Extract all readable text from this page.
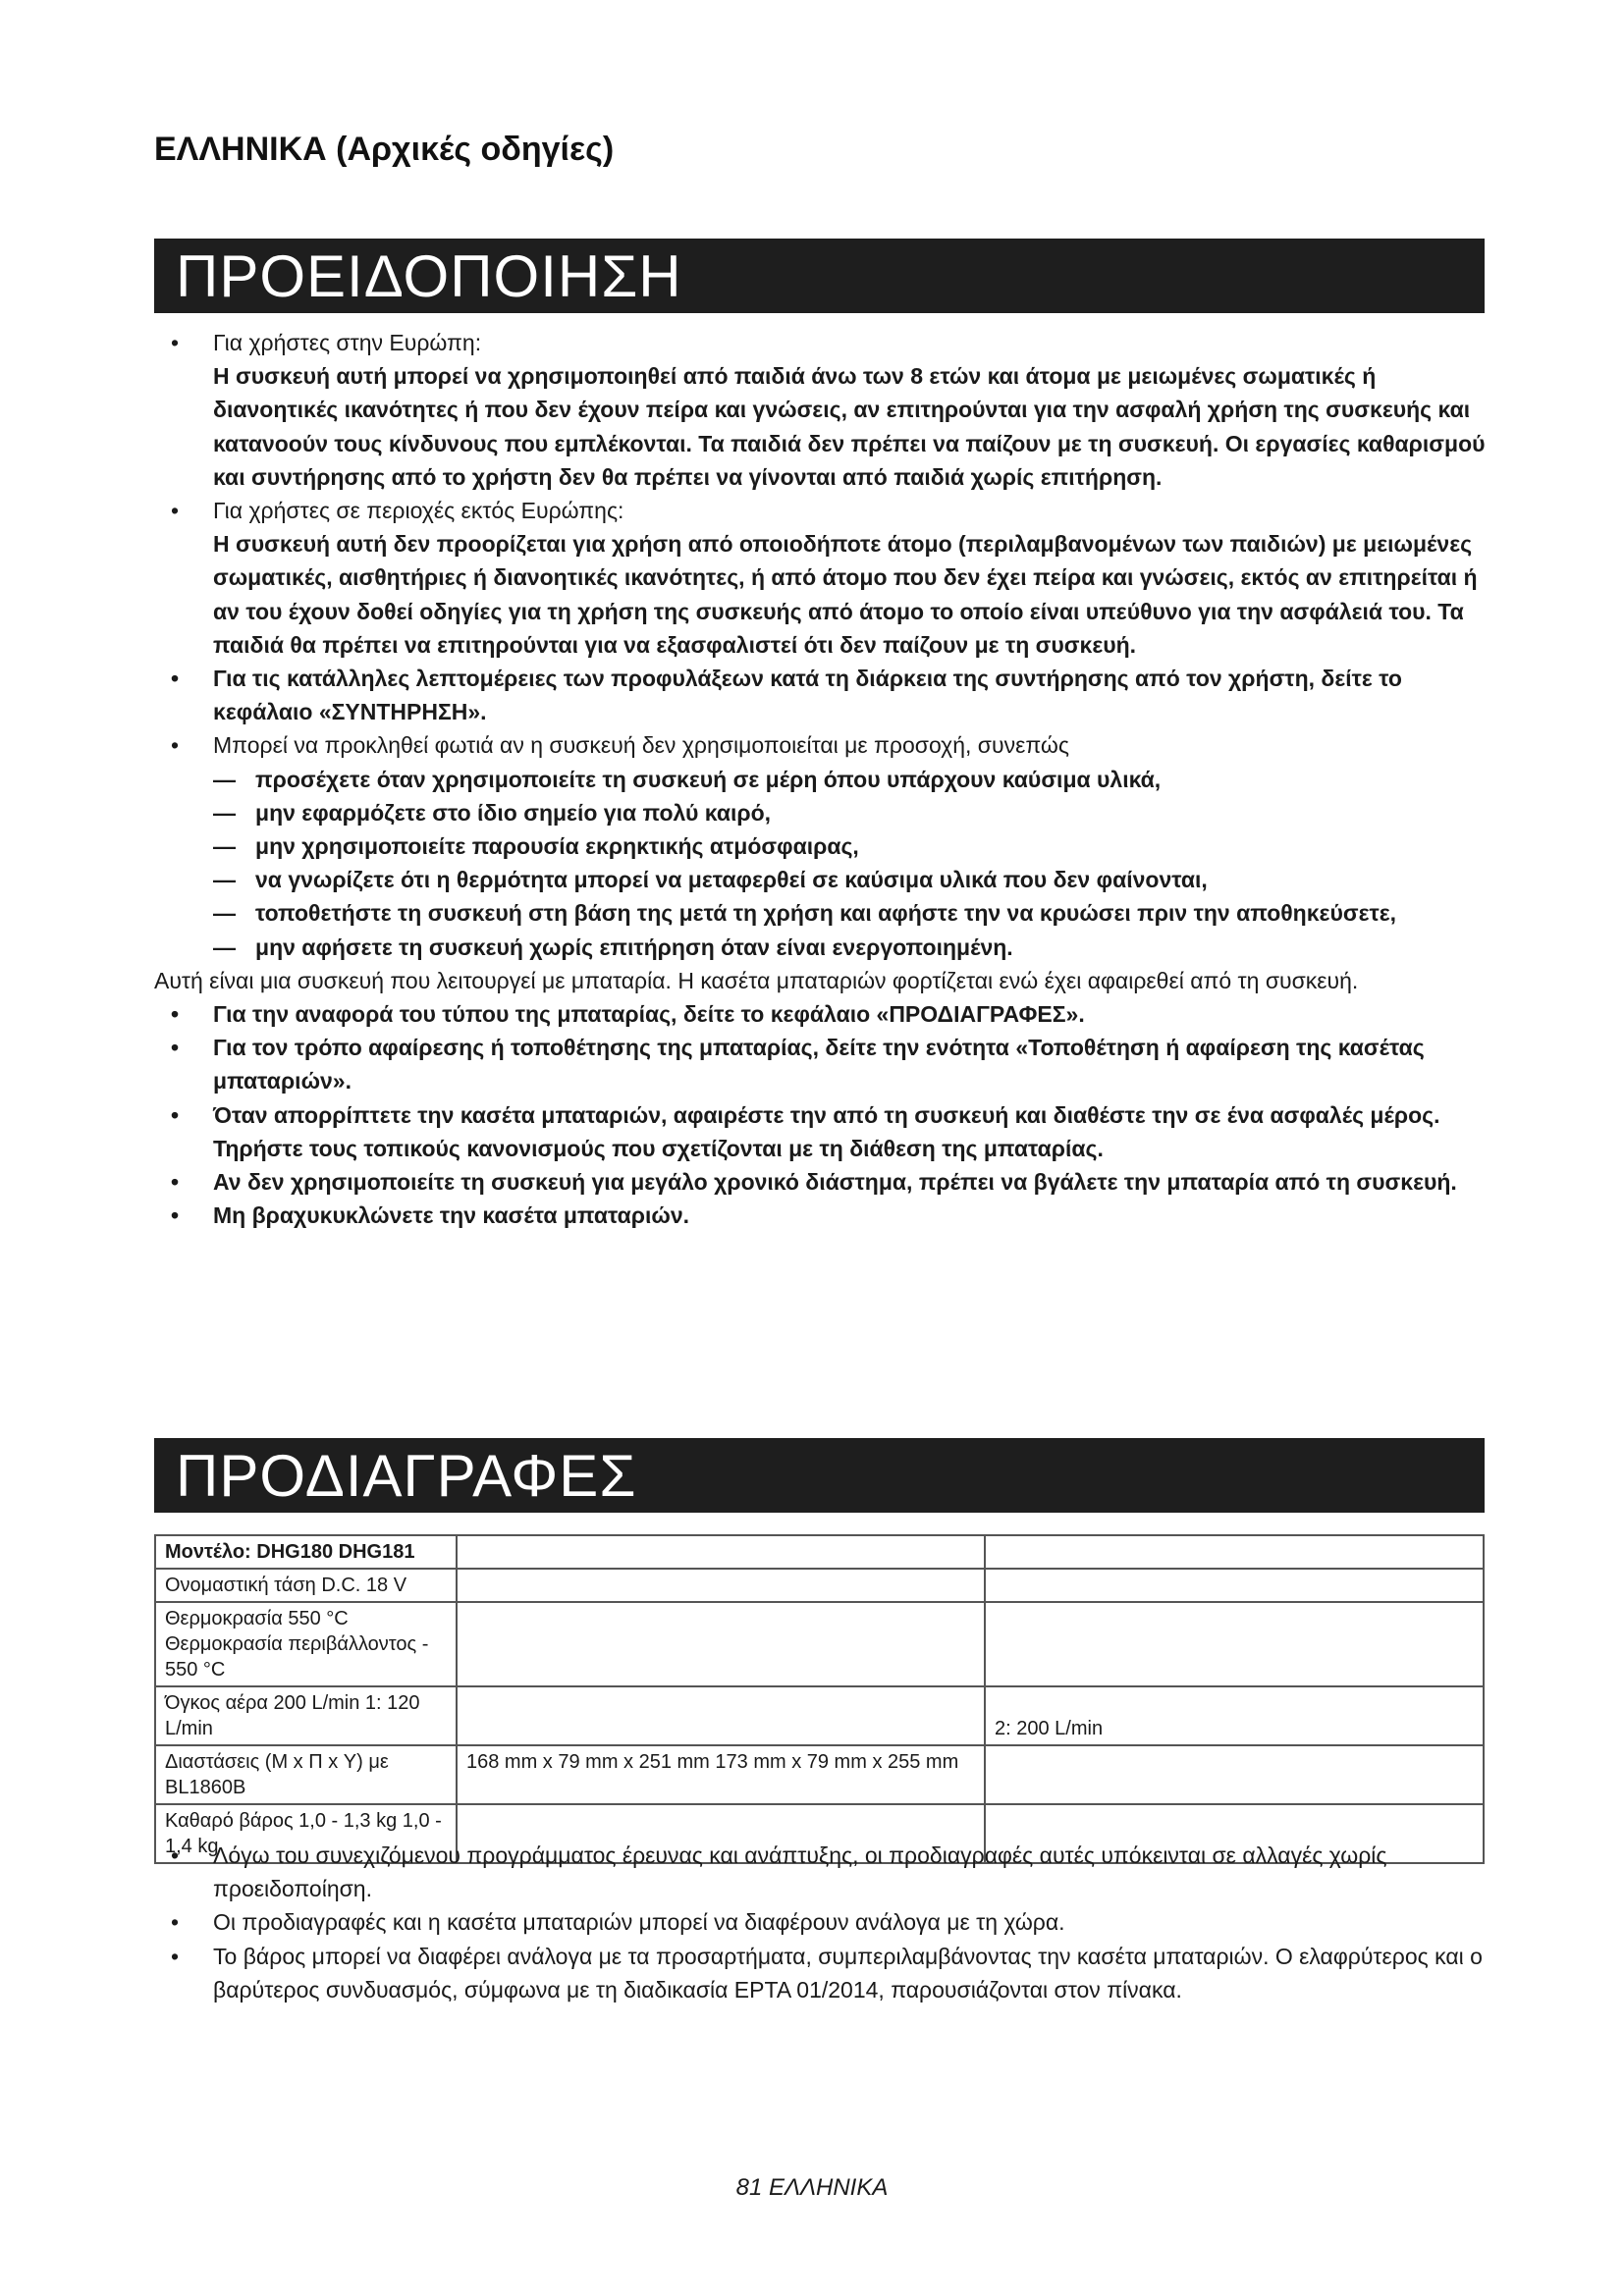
ΕΛΛΗΝΙΚΑ (Αρχικές οδηγίες)
ΠΡΟΕΙΔΟΠΟΙΗΣΗ
• Για χρήστες στην Ευρώπη:
Η συσκευή αυτή μπορεί να χρησιμοποιηθεί από παιδιά άνω των 8 ετών και άτομα με μειωμένες σωματικές ή διανοητικές ικανότητες ή που δεν έχουν πείρα και γνώσεις, αν επιτηρούνται για την ασφαλή χρήση της συσκευής και κατανοούν τους κίνδυνους που εμπλέκονται. Τα παιδιά δεν πρέπει να παίζουν με τη συσκευή. Οι εργασίες καθαρισμού και συντήρησης από το χρήστη δεν θα πρέπει να γίνονται από παιδιά χωρίς επιτήρηση.
• Για χρήστες σε περιοχές εκτός Ευρώπης:
Η συσκευή αυτή δεν προορίζεται για χρήση από οποιοδήποτε άτομο (περιλαμβανομένων των παιδιών) με μειωμένες σωματικές, αισθητήριες ή διανοητικές ικανότητες, ή από άτομο που δεν έχει πείρα και γνώσεις, εκτός αν επιτηρείται ή αν του έχουν δοθεί οδηγίες για τη χρήση της συσκευής από άτομο το οποίο είναι υπεύθυνο για την ασφάλειά του. Τα παιδιά θα πρέπει να επιτηρούνται για να εξασφαλιστεί ότι δεν παίζουν με τη συσκευή.
• Για τις κατάλληλες λεπτομέρειες των προφυλάξεων κατά τη διάρκεια της συντήρησης από τον χρήστη, δείτε το κεφάλαιο «ΣΥΝΤΗΡΗΣΗ».
• Μπορεί να προκληθεί φωτιά αν η συσκευή δεν χρησιμοποιείται με προσοχή, συνεπώς
— προσέχετε όταν χρησιμοποιείτε τη συσκευή σε μέρη όπου υπάρχουν καύσιμα υλικά,
— μην εφαρμόζετε στο ίδιο σημείο για πολύ καιρό,
— μην χρησιμοποιείτε παρουσία εκρηκτικής ατμόσφαιρας,
— να γνωρίζετε ότι η θερμότητα μπορεί να μεταφερθεί σε καύσιμα υλικά που δεν φαίνονται,
— τοποθετήστε τη συσκευή στη βάση της μετά τη χρήση και αφήστε την να κρυώσει πριν την αποθηκεύσετε,
— μην αφήσετε τη συσκευή χωρίς επιτήρηση όταν είναι ενεργοποιημένη.
Αυτή είναι μια συσκευή που λειτουργεί με μπαταρία. Η κασέτα μπαταριών φορτίζεται ενώ έχει αφαιρεθεί από τη συσκευή.
• Για την αναφορά του τύπου της μπαταρίας, δείτε το κεφάλαιο «ΠΡΟΔΙΑΓΡΑΦΕΣ».
• Για τον τρόπο αφαίρεσης ή τοποθέτησης της μπαταρίας, δείτε την ενότητα «Τοποθέτηση ή αφαίρεση της κασέτας μπαταριών».
• Όταν απορρίπτετε την κασέτα μπαταριών, αφαιρέστε την από τη συσκευή και διαθέστε την σε ένα ασφαλές μέρος. Τηρήστε τους τοπικούς κανονισμούς που σχετίζονται με τη διάθεση της μπαταρίας.
• Αν δεν χρησιμοποιείτε τη συσκευή για μεγάλο χρονικό διάστημα, πρέπει να βγάλετε την μπαταρία από τη συσκευή.
• Μη βραχυκυκλώνετε την κασέτα μπαταριών.
ΠΡΟΔΙΑΓΡΑΦΕΣ
Μοντέλο: DHG180 DHG181		
Ονομαστική τάση D.C. 18 V		
Θερμοκρασία 550 °C Θερμοκρασία περιβάλλοντος - 550 °C		
Όγκος αέρα 200 L/min 1: 120 L/min		2: 200 L/min
Διαστάσεις (Μ x Π x Υ) με BL1860B	168 mm x 79 mm x 251 mm 173 mm x 79 mm x 255 mm	
Καθαρό βάρος 1,0 - 1,3 kg 1,0 - 1,4 kg		
• Λόγω του συνεχιζόμενου προγράμματος έρευνας και ανάπτυξης, οι προδιαγραφές αυτές υπόκεινται σε αλλαγές χωρίς προειδοποίηση.
• Οι προδιαγραφές και η κασέτα μπαταριών μπορεί να διαφέρουν ανάλογα με τη χώρα.
• Το βάρος μπορεί να διαφέρει ανάλογα με τα προσαρτήματα, συμπεριλαμβάνοντας την κασέτα μπαταριών. Ο ελαφρύτερος και ο βαρύτερος συνδυασμός, σύμφωνα με τη διαδικασία EPTA 01/2014, παρουσιάζονται στον πίνακα.
81 ΕΛΛΗΝΙΚΑ
